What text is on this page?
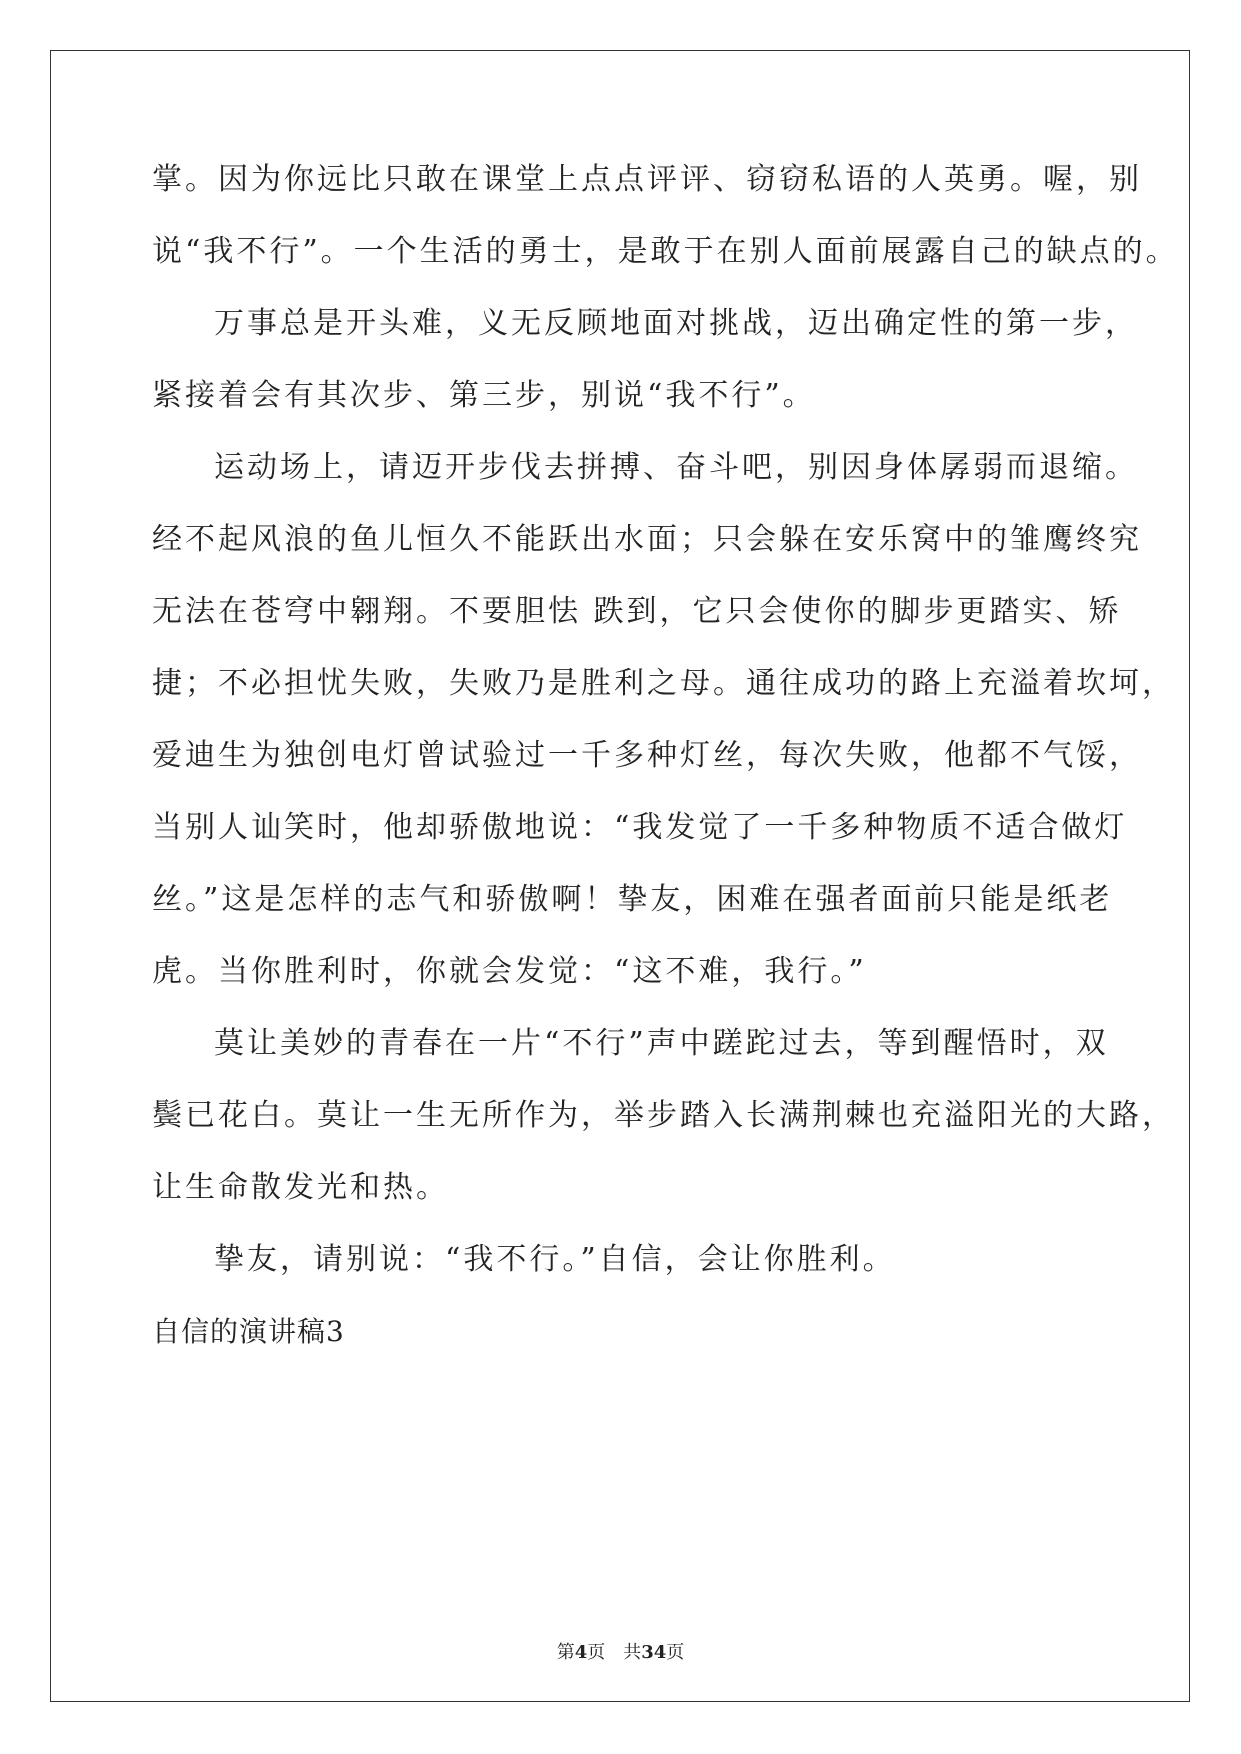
掌。因为你远比只敢在课堂上点点评评、窃窃私语的人英勇。喔，别
说“我不行”。一个生活的勇士，是敢于在别人面前展露自己的缺点的。
万事总是开头难，义无反顾地面对挑战，迈出确定性的第一步，
紧接着会有其次步、第三步，别说“我不行”。
运动场上，请迈开步伐去拼搏、奋斗吧，别因身体孱弱而退缩。
经不起风浪的鱼儿恒久不能跃出水面；只会躲在安乐窝中的雏鹰终究
无法在苍穹中翱翔。不要胆怯 跌到，它只会使你的脚步更踏实、矫
捷；不必担忧失败，失败乃是胜利之母。通往成功的路上充溢着坎坷，
爱迪生为独创电灯曾试验过一千多种灯丝，每次失败，他都不气馁，
当别人讪笑时，他却骄傲地说：“我发觉了一千多种物质不适合做灯
丝。”这是怎样的志气和骄傲啊！挚友，困难在强者面前只能是纸老
虎。当你胜利时，你就会发觉：“这不难，我行。”
莫让美妙的青春在一片“不行”声中蹉跎过去，等到醒悟时，双
鬓已花白。莫让一生无所作为，举步踏入长满荆棘也充溢阳光的大路，
让生命散发光和热。
挚友，请别说：“我不行。”自信，会让你胜利。
自信的演讲稿3
第4页 共34页
